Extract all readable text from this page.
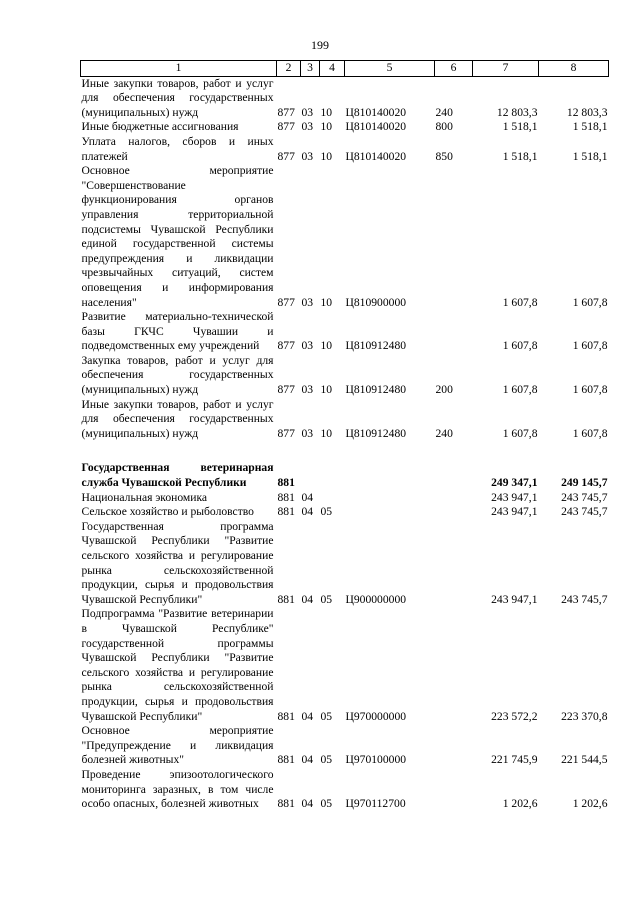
199
1	2	3	4	5	6	7	8
Иные закупки товаров, работ и услуг для обеспечения государственных (муниципальных) нужд	877	03	10	Ц810140020	240	12 803,3	12 803,3
Иные бюджетные ассигнования	877	03	10	Ц810140020	800	1 518,1	1 518,1
Уплата налогов, сборов и иных платежей	877	03	10	Ц810140020	850	1 518,1	1 518,1
Основное мероприятие "Совершенствование функционирования органов управления территориальной подсистемы Чувашской Республики единой государственной системы предупреждения и ликвидации чрезвычайных ситуаций, систем оповещения и информирования населения"	877	03	10	Ц810900000		1 607,8	1 607,8
Развитие материально-технической базы ГКЧС Чувашии и подведомственных ему учреждений	877	03	10	Ц810912480		1 607,8	1 607,8
Закупка товаров, работ и услуг для обеспечения государственных (муниципальных) нужд	877	03	10	Ц810912480	200	1 607,8	1 607,8
Иные закупки товаров, работ и услуг для обеспечения государственных (муниципальных) нужд	877	03	10	Ц810912480	240	1 607,8	1 607,8

Государственная ветеринарная служба Чувашской Республики	881					249 347,1	249 145,7
Национальная экономика	881	04				243 947,1	243 745,7
Сельское хозяйство и рыболовство	881	04	05			243 947,1	243 745,7
Государственная программа Чувашской Республики "Развитие сельского хозяйства и регулирование рынка сельскохозяйственной продукции, сырья и продовольствия Чувашской Республики"	881	04	05	Ц900000000		243 947,1	243 745,7
Подпрограмма "Развитие ветеринарии в Чувашской Республике" государственной программы Чувашской Республики "Развитие сельского хозяйства и регулирование рынка сельскохозяйственной продукции, сырья и продовольствия Чувашской Республики"	881	04	05	Ц970000000		223 572,2	223 370,8
Основное мероприятие "Предупреждение и ликвидация болезней животных"	881	04	05	Ц970100000		221 745,9	221 544,5
Проведение эпизоотологического мониторинга заразных, в том числе особо опасных, болезней животных	881	04	05	Ц970112700		1 202,6	1 202,6
